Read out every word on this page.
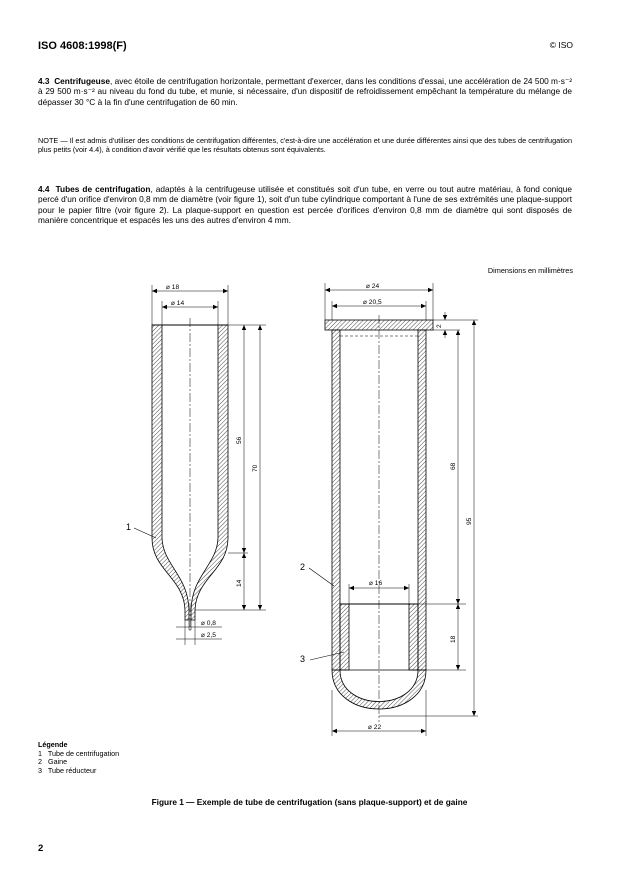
ISO 4608:1998(F)	© ISO
4.3 Centrifugeuse, avec étoile de centrifugation horizontale, permettant d'exercer, dans les conditions d'essai, une accélération de 24 500 m·s⁻² à 29 500 m·s⁻² au niveau du fond du tube, et munie, si nécessaire, d'un dispositif de refroidissement empêchant la température du mélange de dépasser 30 °C à la fin d'une centrifugation de 60 min.
NOTE — Il est admis d'utiliser des conditions de centrifugation différentes, c'est-à-dire une accélération et une durée différentes ainsi que des tubes de centrifugation plus petits (voir 4.4), à condition d'avoir vérifié que les résultats obtenus sont équivalents.
4.4 Tubes de centrifugation, adaptés à la centrifugeuse utilisée et constitués soit d'un tube, en verre ou tout autre matériau, à fond conique percé d'un orifice d'environ 0,8 mm de diamètre (voir figure 1), soit d'un tube cylindrique comportant à l'une de ses extrémités une plaque-support pour le papier filtre (voir figure 2). La plaque-support en question est percée d'orifices d'environ 0,8 mm de diamètre qui sont disposés de manière concentrique et espacés les uns des autres d'environ 4 mm.
Dimensions en millimètres
⌀ 18
⌀ 14
56
70
14
⌀ 0,8
⌀ 2,5
1
⌀ 24
⌀ 20,5
2
68
95
⌀ 16
18
⌀ 22
2
3
Légende
1   Tube de centrifugation
2   Gaine
3   Tube réducteur
Figure 1 — Exemple de tube de centrifugation (sans plaque-support) et de gaine
2
